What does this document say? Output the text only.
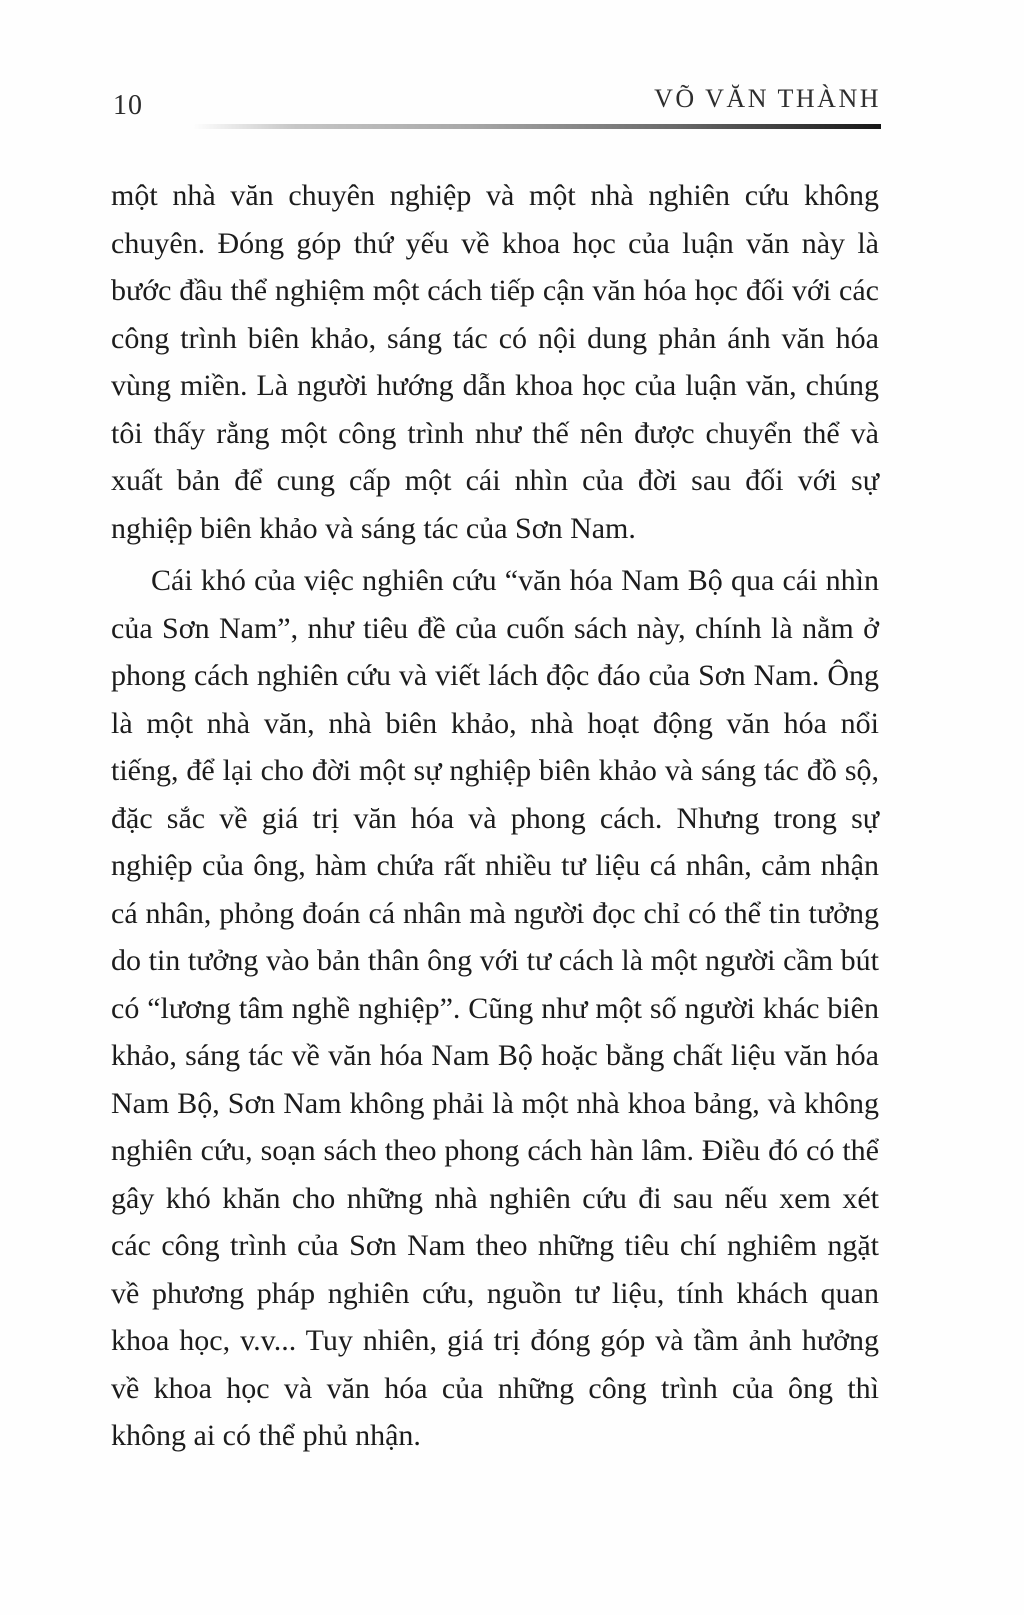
10	VÕ VĂN THÀNH

một nhà văn chuyên nghiệp và một nhà nghiên cứu không chuyên. Đóng góp thứ yếu về khoa học của luận văn này là bước đầu thể nghiệm một cách tiếp cận văn hóa học đối với các công trình biên khảo, sáng tác có nội dung phản ánh văn hóa vùng miền. Là người hướng dẫn khoa học của luận văn, chúng tôi thấy rằng một công trình như thế nên được chuyển thể và xuất bản để cung cấp một cái nhìn của đời sau đối với sự nghiệp biên khảo và sáng tác của Sơn Nam.

Cái khó của việc nghiên cứu “văn hóa Nam Bộ qua cái nhìn của Sơn Nam”, như tiêu đề của cuốn sách này, chính là nằm ở phong cách nghiên cứu và viết lách độc đáo của Sơn Nam. Ông là một nhà văn, nhà biên khảo, nhà hoạt động văn hóa nổi tiếng, để lại cho đời một sự nghiệp biên khảo và sáng tác đồ sộ, đặc sắc về giá trị văn hóa và phong cách. Nhưng trong sự nghiệp của ông, hàm chứa rất nhiều tư liệu cá nhân, cảm nhận cá nhân, phỏng đoán cá nhân mà người đọc chỉ có thể tin tưởng do tin tưởng vào bản thân ông với tư cách là một người cầm bút có “lương tâm nghề nghiệp”. Cũng như một số người khác biên khảo, sáng tác về văn hóa Nam Bộ hoặc bằng chất liệu văn hóa Nam Bộ, Sơn Nam không phải là một nhà khoa bảng, và không nghiên cứu, soạn sách theo phong cách hàn lâm. Điều đó có thể gây khó khăn cho những nhà nghiên cứu đi sau nếu xem xét các công trình của Sơn Nam theo những tiêu chí nghiêm ngặt về phương pháp nghiên cứu, nguồn tư liệu, tính khách quan khoa học, v.v... Tuy nhiên, giá trị đóng góp và tầm ảnh hưởng về khoa học và văn hóa của những công trình của ông thì không ai có thể phủ nhận.
